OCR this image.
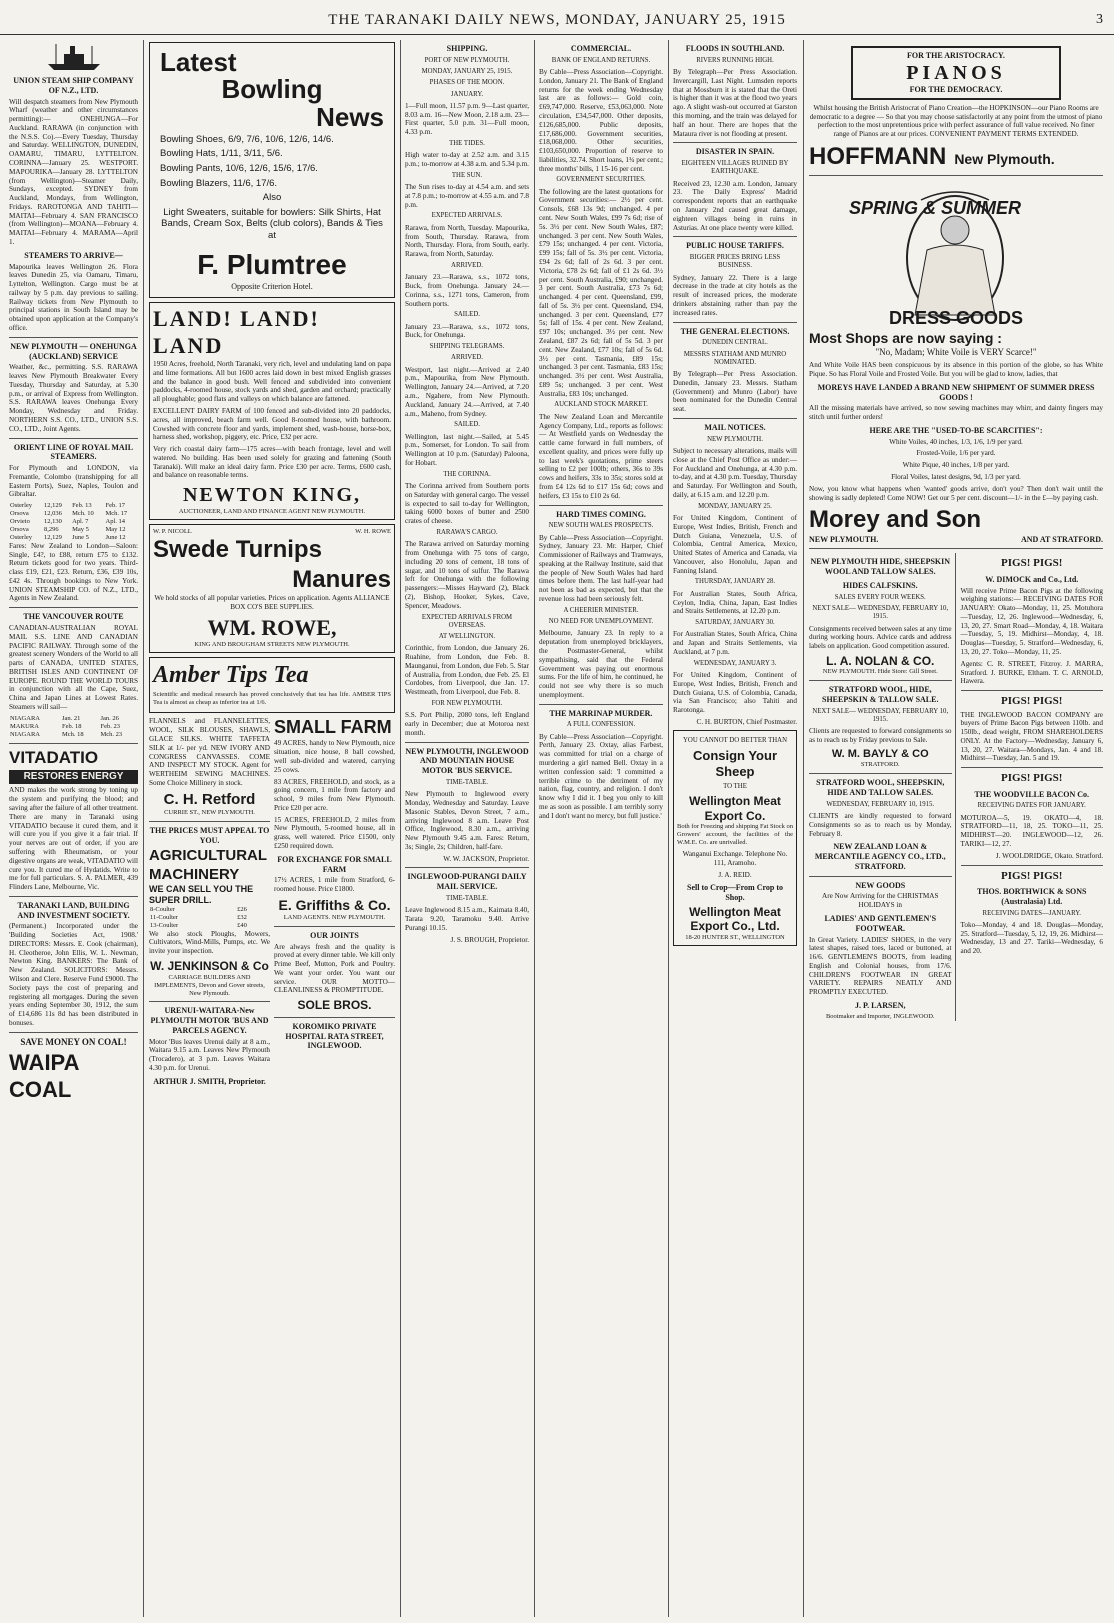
THE TARANAKI DAILY NEWS, MONDAY, JANUARY 25, 1915	3
UNION STEAM SHIP COMPANY OF N.Z., LTD.
Will despatch steamers from New Plymouth Wharf (weather and other circumstances permitting):— ONEHUNGA—For Auckland. RARAWA (in conjunction with the N.S.S. Co).—Every Tuesday, Thursday and Saturday. WELLINGTON, DUNEDIN, OAMARU, TIMARU, LYTTELTON. CORINNA—January 25. WESTPORT. MAPOURIKA—January 28. LYTTELTON (from Wellington)—Steamer Daily, Sundays, excepted. SYDNEY from Auckland, Mondays, from Wellington, Fridays. RAROTONGA AND TAHITI—MAITAI—February 4. SAN FRANCISCO (from Wellington)—MOANA—February 4. MAITAI—February 4. MARAMA—April 1.
STEAMERS TO ARRIVE—
Mapourika leaves Wellington 26. Flora leaves Dunedin 25, via Oamaru, Timaru, Lyttelton, Wellington. Cargo must be at railway by 5 p.m. day previous to sailing. Railway tickets from New Plymouth to principal stations in South Island may be obtained upon application at the Company's office.
NEW PLYMOUTH — ONEHUNGA (AUCKLAND) SERVICE
Weather, &c., permitting. S.S. RARAWA leaves New Plymouth Breakwater Every Tuesday, Thursday and Saturday, at 5.30 p.m., or arrival of Express from Wellington. S.S. RARAWA leaves Onehunga Every Monday, Wednesday and Friday. NORTHERN S.S. CO., LTD., UNION S.S. CO., LTD., Joint Agents.
ORIENT LINE OF ROYAL MAIL STEAMERS.
For Plymouth and LONDON, via Fremantle, Colombo (transhipping for all Eastern Ports), Suez, Naples, Toulon and Gibraltar.
Osterley	12,129	Feb. 13	Feb. 17
Orsova	12,036	Mch. 10	Mch. 17
Orvieto	12,130	Apl. 7	Apl. 14
Orsova	8,296	May 5	May 12
Osterley	12,129	June 5	June 12
Fares: New Zealand to London—Saloon: Single, £4?, to £88, return £75 to £132. Return tickets good for two years. Third-class £19, £21, £23. Return, £36, £39 10s, £42 4s. Through bookings to New York. UNION STEAMSHIP CO. of N.Z., LTD., Agents in New Zealand.
THE VANCOUVER ROUTE
CANADIAN-AUSTRALIAN ROYAL MAIL S.S. LINE AND CANADIAN PACIFIC RAILWAY. Through some of the greatest scenery Wonders of the World to all parts of CANADA, UNITED STATES, BRITISH ISLES AND CONTINENT OF EUROPE. ROUND THE WORLD TOURS in conjunction with all the Cape, Suez, China and Japan Lines at Lowest Rates. Steamers will sail—
NIAGARA	Jan. 21	Jan. 26
MAKURA	Feb. 18	Feb. 23
NIAGARA	Mch. 18	Mch. 23
VITADATIO
RESTORES ENERGY
AND makes the work strong by toning up the system and purifying the blood; and saving after the failure of all other treatment. There are many in Taranaki using VITADATIO because it cured them, and it will cure you if you give it a fair trial. If your nerves are out of order, if you are suffering with Rheumatism, or your digestive organs are weak, VITADATIO will cure you. It cured me of Hydatids. Write to me for full particulars. S. A. PALMER, 439 Flinders Lane, Melbourne, Vic.
TARANAKI LAND, BUILDING AND INVESTMENT SOCIETY.
(Permanent.) Incorporated under the 'Building Societies Act, 1908.' DIRECTORS: Messrs. E. Cook (chairman), H. Cleotheroe, John Ellis, W. L. Newman, Newton King. BANKERS: The Bank of New Zealand. SOLICITORS: Messrs. Wilson and Clere. Reserve Fund £9000. The Society pays the cost of preparing and registering all mortgages. During the seven years ending September 30, 1912, the sum of £14,686 11s 8d has been distributed in bonuses.
SAVE MONEY ON COAL!
WAIPA COAL
Latest
Bowling
News
Bowling Shoes, 6/9, 7/6, 10/6, 12/6, 14/6.
Bowling Hats, 1/11, 3/11, 5/6.
Bowling Pants, 10/6, 12/6, 15/6, 17/6.
Bowling Blazers, 11/6, 17/6.
Also
Light Sweaters, suitable for bowlers: Silk Shirts, Hat Bands, Cream Sox, Belts (club colors), Bands & Ties at
F. Plumtree
Opposite Criterion Hotel.
LAND! LAND! LAND
1950 Acres, freehold, North Taranaki, very rich, level and undulating land on papa and lime formations. All but 1600 acres laid down in best mixed English grasses and the balance in good bush. Well fenced and subdivided into convenient paddocks, 4-roomed house, stock yards and shed, garden and orchard; practically all ploughable; good flats and valleys on which balance are fattened.
EXCELLENT DAIRY FARM of 100 fenced and sub-divided into 20 paddocks, acres, all improved, beach farm well. Good 8-roomed house, with bathroom. Cowshed with concrete floor and yards, implement shed, wash-house, horse-box, harness shed, workshop, piggery, etc. Price, £32 per acre.
Very rich coastal dairy farm—175 acres—with beach frontage, level and well watered. No building. Has been used solely for grazing and fattening (South Taranaki). Will make an ideal dairy farm. Price £30 per acre. Terms, £600 cash, and balance on reasonable terms.
NEWTON KING,
AUCTIONEER, LAND AND FINANCE AGENT NEW PLYMOUTH.
W. P. NICOLL	W. H. ROWE
Swede Turnips
Manures
We hold stocks of all popular varieties. Prices on application. Agents ALLIANCE BOX CO'S BEE SUPPLIES.
WM. ROWE,
KING AND BROUGHAM STREETS NEW PLYMOUTH.
Amber Tips Tea
Scientific and medical research has proved conclusively that tea has life. AMBER TIPS Tea is almost as cheap as inferior tea at 1/6.
FLANNELS and FLANNELETTES, WOOL, SILK BLOUSES, SHAWLS, GLACE SILKS. WHITE TAFFETA SILK at 1/- per yd. NEW IVORY AND CONGRESS CANVASSES. COME AND INSPECT MY STOCK. Agent for WERTHEIM SEWING MACHINES. Some Choice Millinery in stock.
C. H. Retford
CURRIE ST., NEW PLYMOUTH.
THE PRICES MUST APPEAL TO YOU.
AGRICULTURAL MACHINERY
WE CAN SELL YOU THE SUPER DRILL.
8-Coulter	£26
11-Coulter	£32
13-Coulter	£40
We also stock Ploughs, Mowers, Cultivators, Wind-Mills, Pumps, etc. We invite your inspection.
W. JENKINSON & Co
CARRIAGE BUILDERS AND IMPLEMENTS, Devon and Gover streets, New Plymouth.
URENUI-WAITARA-New PLYMOUTH MOTOR 'BUS AND PARCELS AGENCY.
Motor 'Bus leaves Urenui daily at 8 a.m., Waitara 9.15 a.m. Leaves New Plymouth (Trocadero), at 3 p.m. Leaves Waitara 4.30 p.m. for Urenui.
ARTHUR J. SMITH, Proprietor.
SMALL FARM
49 ACRES, handy to New Plymouth, nice situation, nice house, 8 ball cowshed, well sub-divided and watered, carrying 25 cows.
83 ACRES, FREEHOLD, and stock, as a going concern, 1 mile from factory and school, 9 miles from New Plymouth. Price £20 per acre.
15 ACRES, FREEHOLD, 2 miles from New Plymouth, 5-roomed house, all in grass, well watered. Price £1500, only £250 required down.
FOR EXCHANGE FOR SMALL FARM
17½ ACRES, 1 mile from Stratford, 6-roomed house. Price £1800.
E. Griffiths & Co.
LAND AGENTS. NEW PLYMOUTH.
OUR JOINTS
Are always fresh and the quality is proved at every dinner table. We kill only Prime Beef, Mutton, Pork and Poultry. We want your order. You want our service. OUR MOTTO—CLEANLINESS & PROMPTITUDE.
SOLE BROS.
KOROMIKO PRIVATE HOSPITAL RATA STREET, INGLEWOOD.
SHIPPING.
PORT OF NEW PLYMOUTH.
MONDAY, JANUARY 25, 1915.
PHASES OF THE MOON.
JANUARY.
1—Full moon, 11.57 p.m. 9—Last quarter, 8.03 a.m. 16—New Moon, 2.18 a.m. 23—First quarter, 5.0 p.m. 31—Full moon, 4.33 p.m.
THE TIDES.
High water to-day at 2.52 a.m. and 3.15 p.m.; to-morrow at 4.38 a.m. and 5.34 p.m.
THE SUN.
The Sun rises to-day at 4.54 a.m. and sets at 7.8 p.m.; to-morrow at 4.55 a.m. and 7.8 p.m.
EXPECTED ARRIVALS.
Rarawa, from North, Tuesday. Mapourika, from South, Thursday. Rarawa, from North, Thursday. Flora, from South, early. Rarawa, from North, Saturday.
ARRIVED.
January 23.—Rarawa, s.s., 1072 tons, Buck, from Onehunga. January 24.—Corinna, s.s., 1271 tons, Cameron, from Southern ports.
SAILED.
January 23.—Rarawa, s.s., 1072 tons, Buck, for Onehunga.
SHIPPING TELEGRAMS.
ARRIVED.
Westport, last night.—Arrived at 2.40 p.m., Mapourika, from New Plymouth. Wellington, January 24.—Arrived, at 7.20 a.m., Ngahere, from New Plymouth. Auckland, January 24.—Arrived, at 7.40 a.m., Maheno, from Sydney.
SAILED.
Wellington, last night.—Sailed, at 5.45 p.m., Somerset, for London. To sail from Wellington at 10 p.m. (Saturday) Paloona, for Hobart.
THE CORINNA.
The Corinna arrived from Southern ports on Saturday with general cargo. The vessel is expected to sail to-day for Wellington, taking 6000 boxes of butter and 2500 crates of cheese.
RARAWA'S CARGO.
The Rarawa arrived on Saturday morning from Onehunga with 75 tons of cargo, including 20 tons of cement, 18 tons of sugar, and 10 tons of sulfur. The Rarawa left for Onehunga with the following passengers:—Misses Hayward (2), Black (2), Bishop, Hooker, Sykes, Cave, Spencer, Meadows.
EXPECTED ARRIVALS FROM OVERSEAS.
AT WELLINGTON.
Corinthic, from London, due January 26. Ruahine, from London, due Feb. 8. Maunganui, from London, due Feb. 5. Star of Australia, from London, due Feb. 25. El Cordobes, from Liverpool, due Jan. 17. Westmeath, from Liverpool, due Feb. 8.
FOR NEW PLYMOUTH.
S.S. Port Philip, 2080 tons, left England early in December; due at Motoroa next month.
NEW PLYMOUTH, INGLEWOOD AND MOUNTAIN HOUSE MOTOR 'BUS SERVICE.
TIME-TABLE.
New Plymouth to Inglewood every Monday, Wednesday and Saturday. Leave Masonic Stables, Devon Street, 7 a.m., arriving Inglewood 8 a.m. Leave Post Office, Inglewood, 8.30 a.m., arriving New Plymouth 9.45 a.m. Fares: Return, 3s; Single, 2s; Children, half-fare.
W. W. JACKSON, Proprietor.
INGLEWOOD-PURANGI DAILY MAIL SERVICE.
TIME-TABLE.
Leave Inglewood 8.15 a.m., Kaimata 8.40, Tarata 9.20, Taramoku 9.40. Arrive Purangi 10.15.
J. S. BROUGH, Proprietor.
COMMERCIAL.
BANK OF ENGLAND RETURNS.
By Cable—Press Association—Copyright. London, January 21. The Bank of England returns for the week ending Wednesday last are as follows:— Gold coin, £69,747,000. Reserve, £53,063,000. Note circulation, £34,547,000. Other deposits, £126,685,000. Public deposits, £17,686,000. Government securities, £18,068,000. Other securities, £103,650,000. Proportion of reserve to liabilities, 32.74. Short loans, 1¾ per cent.; three months' bills, 1 15-16 per cent.
GOVERNMENT SECURITIES.
The following are the latest quotations for Government securities:— 2½ per cent. Consols, £68 13s 9d; unchanged. 4 per cent. New South Wales, £99 7s 6d; rise of 5s. 3½ per cent. New South Wales, £87; unchanged. 3 per cent. New South Wales, £79 15s; unchanged. 4 per cent. Victoria, £99 15s; fall of 5s. 3½ per cent. Victoria, £94 2s 6d; fall of 2s 6d. 3 per cent. Victoria, £78 2s 6d; fall of £1 2s 6d. 3½ per cent. South Australia, £90; unchanged. 3 per cent. South Australia, £73 7s 6d; unchanged. 4 per cent. Queensland, £99, fall of 5s. 3½ per cent. Queensland, £94, unchanged. 3 per cent. Queensland, £77 5s; fall of 15s. 4 per cent. New Zealand, £97 10s; unchanged. 3½ per cent. New Zealand, £87 2s 6d; fall of 5s 5d. 3 per cent. New Zealand, £77 10s; fall of 5s 6d. 3½ per cent. Tasmania, £89 15s; unchanged. 3 per cent. Tasmania, £83 15s; unchanged. 3½ per cent. West Australia, £89 5s; unchanged. 3 per cent. West Australia, £83 10s; unchanged.
AUCKLAND STOCK MARKET.
The New Zealand Loan and Mercantile Agency Company, Ltd., reports as follows:— At Westfield yards on Wednesday the cattle came forward in full numbers, of excellent quality, and prices were fully up to last week's quotations, prime steers selling to £2 per 100lb; others, 36s to 39s cows and heifers, 33s to 35s; stores sold at from £4 12s 6d to £17 15s 6d; cows and heifers, £3 15s to £10 2s 6d.
HARD TIMES COMING.
NEW SOUTH WALES PROSPECTS.
By Cable—Press Association—Copyright. Sydney, January 23. Mr. Harper, Chief Commissioner of Railways and Tramways, speaking at the Railway Institute, said that the people of New South Wales had hard times before them. The last half-year had not been as bad as expected, but that the revenue loss had been seriously felt.
A CHEERIER MINISTER.
NO NEED FOR UNEMPLOYMENT.
Melbourne, January 23. In reply to a deputation from unemployed bricklayers, the Postmaster-General, whilst sympathising, said that the Federal Government was paying out enormous sums. For the life of him, he continued, he could not see why there is so much unemployment.
THE MARRINAP MURDER.
A FULL CONFESSION.
By Cable—Press Association—Copyright. Perth, January 23. Oxtay, alias Farbest, was committed for trial on a charge of murdering a girl named Bell. Oxtay in a written confession said: 'I committed a terrible crime to the detriment of my nation, flag, country, and religion. I don't know why I did it. I beg you only to kill me as soon as possible. I am terribly sorry and I don't want no mercy, but full justice.'
FLOODS IN SOUTHLAND.
RIVERS RUNNING HIGH.
By Telegraph—Per Press Association. Invercargill, Last Night. Lumsden reports that at Mossburn it is stated that the Oreti is higher than it was at the flood two years ago. A slight wash-out occurred at Garston this morning, and the train was delayed for half an hour. There are hopes that the Mataura river is not flooding at present.
DISASTER IN SPAIN.
EIGHTEEN VILLAGES RUINED BY EARTHQUAKE.
Received 23, 12.30 a.m. London, January 23. The Daily Express' Madrid correspondent reports that an earthquake on January 2nd caused great damage, eighteen villages being in ruins in Asturias. At one place twenty were killed.
PUBLIC HOUSE TARIFFS.
BIGGER PRICES BRING LESS BUSINESS.
Sydney, January 22. There is a large decrease in the trade at city hotels as the result of increased prices, the moderate drinkers abstaining rather than pay the increased rates.
THE GENERAL ELECTIONS.
DUNEDIN CENTRAL.
MESSRS STATHAM AND MUNRO NOMINATED.
By Telegraph—Per Press Association. Dunedin, January 23. Messrs. Statham (Government) and Munro (Labor) have been nominated for the Dunedin Central seat.
MAIL NOTICES.
NEW PLYMOUTH.
Subject to necessary alterations, mails will close at the Chief Post Office as under:— For Auckland and Onehunga, at 4.30 p.m. to-day, and at 4.30 p.m. Tuesday, Thursday and Saturday. For Wellington and South, daily, at 6.15 a.m. and 12.20 p.m.
MONDAY, JANUARY 25.
For United Kingdom, Continent of Europe, West Indies, British, French and Dutch Guiana, Venezuela, U.S. of Colombia, Central America, Mexico, United States of America and Canada, via Vancouver, also Honolulu, Japan and Fanning Island.
THURSDAY, JANUARY 28.
For Australian States, South Africa, Ceylon, India, China, Japan, East Indies and Straits Settlements, at 12.20 p.m.
SATURDAY, JANUARY 30.
For Australian States, South Africa, China and Japan and Straits Settlements, via Auckland, at 7 p.m.
WEDNESDAY, JANUARY 3.
For United Kingdom, Continent of Europe, West Indies, British, French and Dutch Guiana, U.S. of Colombia, Canada, via San Francisco; also Tahiti and Rarotonga.
C. H. BURTON, Chief Postmaster.
YOU CANNOT DO BETTER THAN
Consign Your Sheep
TO THE
Wellington Meat Export Co.
Both for Freezing and shipping Fat Stock on Growers' account, the facilities of the W.M.E. Co. are unrivalled.
Wanganui Exchange. Telephone No. 111, Aramoho.
J. A. REID.
Sell to Crop—From Crop to Shop.
Wellington Meat Export Co., Ltd.
18-20 HUNTER ST., WELLINGTON
FOR THE ARISTOCRACY.
PIANOS
FOR THE DEMOCRACY.
Whilst housing the British Aristocrat of Piano Creation—the HOPKINSON—our Piano Rooms are democratic to a degree — So that you may choose satisfactorily at any point from the utmost of piano perfection to the most unpretentious price with perfect assurance of full value received. No finer range of Pianos are at our prices. CONVENIENT PAYMENT TERMS EXTENDED.
HOFFMANN New Plymouth.
SPRING & SUMMER
DRESS GOODS
Most Shops are now saying :
"No, Madam; White Voile is VERY Scarce!"
And White Voile HAS been conspicuous by its absence in this portion of the globe, so has White Pique. So has Floral Voile and Frosted Voile. But you will be glad to know, ladies, that
MOREYS HAVE LANDED A BRAND NEW SHIPMENT OF SUMMER DRESS GOODS !
All the missing materials have arrived, so now sewing machines may whirr, and dainty fingers may stitch until further orders!
HERE ARE THE "USED-TO-BE SCARCITIES":
White Voiles, 40 inches, 1/3, 1/6, 1/9 per yard.
Frosted-Voile, 1/6 per yard.
White Pique, 40 inches, 1/8 per yard.
Floral Voiles, latest designs, 9d, 1/3 per yard.
Now, you know what happens when 'wanted' goods arrive, don't you? Then don't wait until the showing is sadly depleted! Come NOW! Get our 5 per cent. discount—1/- in the £—by paying cash.
Morey and Son
NEW PLYMOUTH.	AND AT STRATFORD.
NEW PLYMOUTH HIDE, SHEEPSKIN WOOL AND TALLOW SALES.
HIDES CALFSKINS.
SALES EVERY FOUR WEEKS.
NEXT SALE— WEDNESDAY, FEBRUARY 10, 1915.
Consignments received between sales at any time during working hours. Advice cards and address labels on application. Good competition assured.
L. A. NOLAN & CO.
NEW PLYMOUTH. Hide Store: Gill Street.
STRATFORD WOOL, HIDE, SHEEPSKIN & TALLOW SALE.
NEXT SALE— WEDNESDAY, FEBRUARY 10, 1915.
Clients are requested to forward consignments so as to reach us by Friday previous to Sale.
W. M. BAYLY & CO
STRATFORD.
STRATFORD WOOL, SHEEPSKIN, HIDE AND TALLOW SALES.
WEDNESDAY, FEBRUARY 10, 1915.
CLIENTS are kindly requested to forward Consignments so as to reach us by Monday, February 8.
NEW ZEALAND LOAN & MERCANTILE AGENCY CO., LTD., STRATFORD.
NEW GOODS
Are Now Arriving for the CHRISTMAS HOLIDAYS in
LADIES' AND GENTLEMEN'S FOOTWEAR.
In Great Variety. LADIES' SHOES, in the very latest shapes, raised toes, laced or buttoned, at 16/6. GENTLEMEN'S BOOTS, from leading English and Colonial houses, from 17/6. CHILDREN'S FOOTWEAR IN GREAT VARIETY. REPAIRS NEATLY AND PROMPTLY EXECUTED.
J. P. LARSEN,
Bootmaker and Importer, INGLEWOOD.
PIGS! PIGS!
W. DIMOCK and Co., Ltd.
Will receive Prime Bacon Pigs at the following weighing stations:— RECEIVING DATES FOR JANUARY: Okato—Monday, 11, 25. Motuhora—Tuesday, 12, 26. Inglewood—Wednesday, 6, 13, 20, 27. Smart Road—Monday, 4, 18. Waitara—Tuesday, 5, 19. Midhirst—Monday, 4, 18. Douglas—Tuesday, 5. Stratford—Wednesday, 6, 13, 20, 27. Toko—Monday, 11, 25.
Agents: C. R. STREET, Fitzroy. J. MARRA, Stratford. J. BURKE, Eltham. T. C. ARNOLD, Hawera.
PIGS! PIGS!
THE INGLEWOOD BACON COMPANY are buyers of Prime Bacon Pigs between 110lb. and 150lb., dead weight, FROM SHAREHOLDERS ONLY. At the Factory—Wednesday, January 6, 13, 20, 27. Waitara—Mondays, Jan. 4 and 18. Midhirst—Tuesday, Jan. 5 and 19.
PIGS! PIGS!
THE WOODVILLE BACON Co.
RECEIVING DATES FOR JANUARY.
MOTUROA—5, 19. OKATO—4, 18. STRATFORD—11, 18, 25. TOKO—11, 25. MIDHIRST—20. INGLEWOOD—12, 26. TARIKI—12, 27.
J. WOOLDRIDGE, Okato. Stratford.
PIGS! PIGS!
THOS. BORTHWICK & SONS (Australasia) Ltd.
RECEIVING DATES—JANUARY.
Toko—Monday, 4 and 18. Douglas—Monday, 25. Stratford—Tuesday, 5, 12, 19, 26. Midhirst—Wednesday, 13 and 27. Tariki—Wednesday, 6 and 20.
